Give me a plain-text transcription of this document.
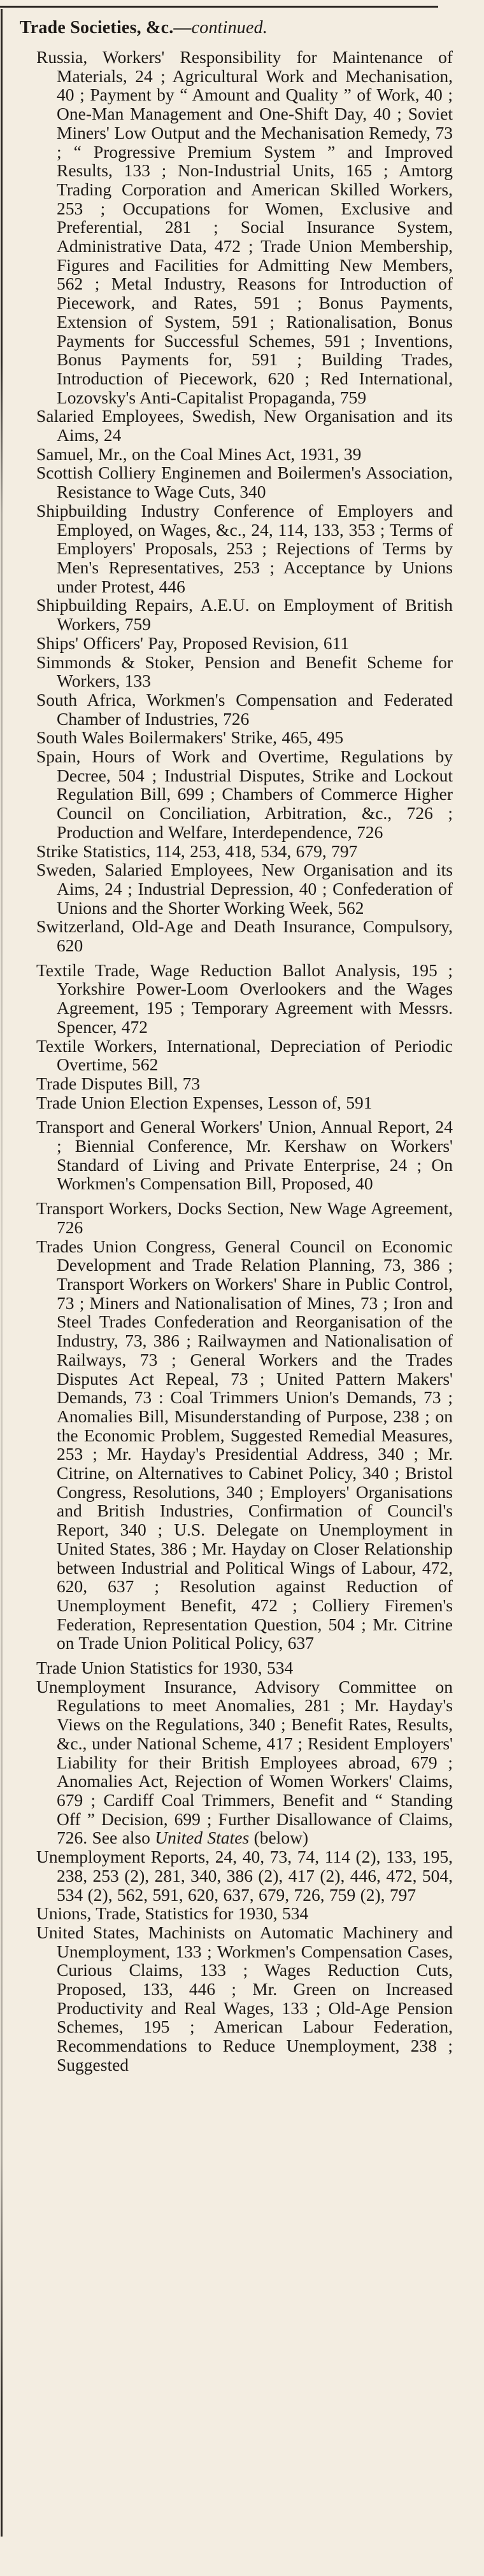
Trade Societies, &c.—continued.
Russia, Workers' Responsibility for Maintenance of Materials, 24 ; Agricultural Work and Mechanisation, 40 ; Payment by “ Amount and Quality ” of Work, 40 ; One-Man Management and One-Shift Day, 40 ; Soviet Miners' Low Output and the Mechanisation Remedy, 73 ; “ Progressive Premium System ” and Improved Results, 133 ; Non-Industrial Units, 165 ; Amtorg Trading Corporation and American Skilled Workers, 253 ; Occupations for Women, Exclusive and Preferential, 281 ; Social Insurance System, Administrative Data, 472 ; Trade Union Membership, Figures and Facilities for Admitting New Members, 562 ; Metal Industry, Reasons for Introduction of Piecework, and Rates, 591 ; Bonus Payments, Extension of System, 591 ; Rationalisation, Bonus Payments for Successful Schemes, 591 ; Inventions, Bonus Payments for, 591 ; Building Trades, Introduction of Piecework, 620 ; Red International, Lozovsky's Anti-Capitalist Propaganda, 759
Salaried Employees, Swedish, New Organisation and its Aims, 24
Samuel, Mr., on the Coal Mines Act, 1931, 39
Scottish Colliery Enginemen and Boilermen's Association, Resistance to Wage Cuts, 340
Shipbuilding Industry Conference of Employers and Employed, on Wages, &c., 24, 114, 133, 353 ; Terms of Employers' Proposals, 253 ; Rejections of Terms by Men's Representatives, 253 ; Acceptance by Unions under Protest, 446
Shipbuilding Repairs, A.E.U. on Employment of British Workers, 759
Ships' Officers' Pay, Proposed Revision, 611
Simmonds & Stoker, Pension and Benefit Scheme for Workers, 133
South Africa, Workmen's Compensation and Federated Chamber of Industries, 726
South Wales Boilermakers' Strike, 465, 495
Spain, Hours of Work and Overtime, Regulations by Decree, 504 ; Industrial Disputes, Strike and Lockout Regulation Bill, 699 ; Chambers of Commerce Higher Council on Conciliation, Arbitration, &c., 726 ; Production and Welfare, Interdependence, 726
Strike Statistics, 114, 253, 418, 534, 679, 797
Sweden, Salaried Employees, New Organisation and its Aims, 24 ; Industrial Depression, 40 ; Confederation of Unions and the Shorter Working Week, 562
Switzerland, Old-Age and Death Insurance, Compulsory, 620
Textile Trade, Wage Reduction Ballot Analysis, 195 ; Yorkshire Power-Loom Overlookers and the Wages Agreement, 195 ; Temporary Agreement with Messrs. Spencer, 472
Textile Workers, International, Depreciation of Periodic Overtime, 562
Trade Disputes Bill, 73
Trade Union Election Expenses, Lesson of, 591
Transport and General Workers' Union, Annual Report, 24 ; Biennial Conference, Mr. Kershaw on Workers' Standard of Living and Private Enterprise, 24 ; On Workmen's Compensation Bill, Proposed, 40
Transport Workers, Docks Section, New Wage Agreement, 726
Trades Union Congress, General Council on Economic Development and Trade Relation Planning, 73, 386 ; Transport Workers on Workers' Share in Public Control, 73 ; Miners and Nationalisation of Mines, 73 ; Iron and Steel Trades Confederation and Reorganisation of the Industry, 73, 386 ; Railwaymen and Nationalisation of Railways, 73 ; General Workers and the Trades Disputes Act Repeal, 73 ; United Pattern Makers' Demands, 73 : Coal Trimmers Union's Demands, 73 ; Anomalies Bill, Misunderstanding of Purpose, 238 ; on the Economic Problem, Suggested Remedial Measures, 253 ; Mr. Hayday's Presidential Address, 340 ; Mr. Citrine, on Alternatives to Cabinet Policy, 340 ; Bristol Congress, Resolutions, 340 ; Employers' Organisations and British Industries, Confirmation of Council's Report, 340 ; U.S. Delegate on Unemployment in United States, 386 ; Mr. Hayday on Closer Relationship between Industrial and Political Wings of Labour, 472, 620, 637 ; Resolution against Reduction of Unemployment Benefit, 472 ; Colliery Firemen's Federation, Representation Question, 504 ; Mr. Citrine on Trade Union Political Policy, 637
Trade Union Statistics for 1930, 534
Unemployment Insurance, Advisory Committee on Regulations to meet Anomalies, 281 ; Mr. Hayday's Views on the Regulations, 340 ; Benefit Rates, Results, &c., under National Scheme, 417 ; Resident Employers' Liability for their British Employees abroad, 679 ; Anomalies Act, Rejection of Women Workers' Claims, 679 ; Cardiff Coal Trimmers, Benefit and “ Standing Off ” Decision, 699 ; Further Disallowance of Claims, 726. See also United States (below)
Unemployment Reports, 24, 40, 73, 74, 114 (2), 133, 195, 238, 253 (2), 281, 340, 386 (2), 417 (2), 446, 472, 504, 534 (2), 562, 591, 620, 637, 679, 726, 759 (2), 797
Unions, Trade, Statistics for 1930, 534
United States, Machinists on Automatic Machinery and Unemployment, 133 ; Workmen's Compensation Cases, Curious Claims, 133 ; Wages Reduction Cuts, Proposed, 133, 446 ; Mr. Green on Increased Productivity and Real Wages, 133 ; Old-Age Pension Schemes, 195 ; American Labour Federation, Recommendations to Reduce Unemployment, 238 ; Suggested
